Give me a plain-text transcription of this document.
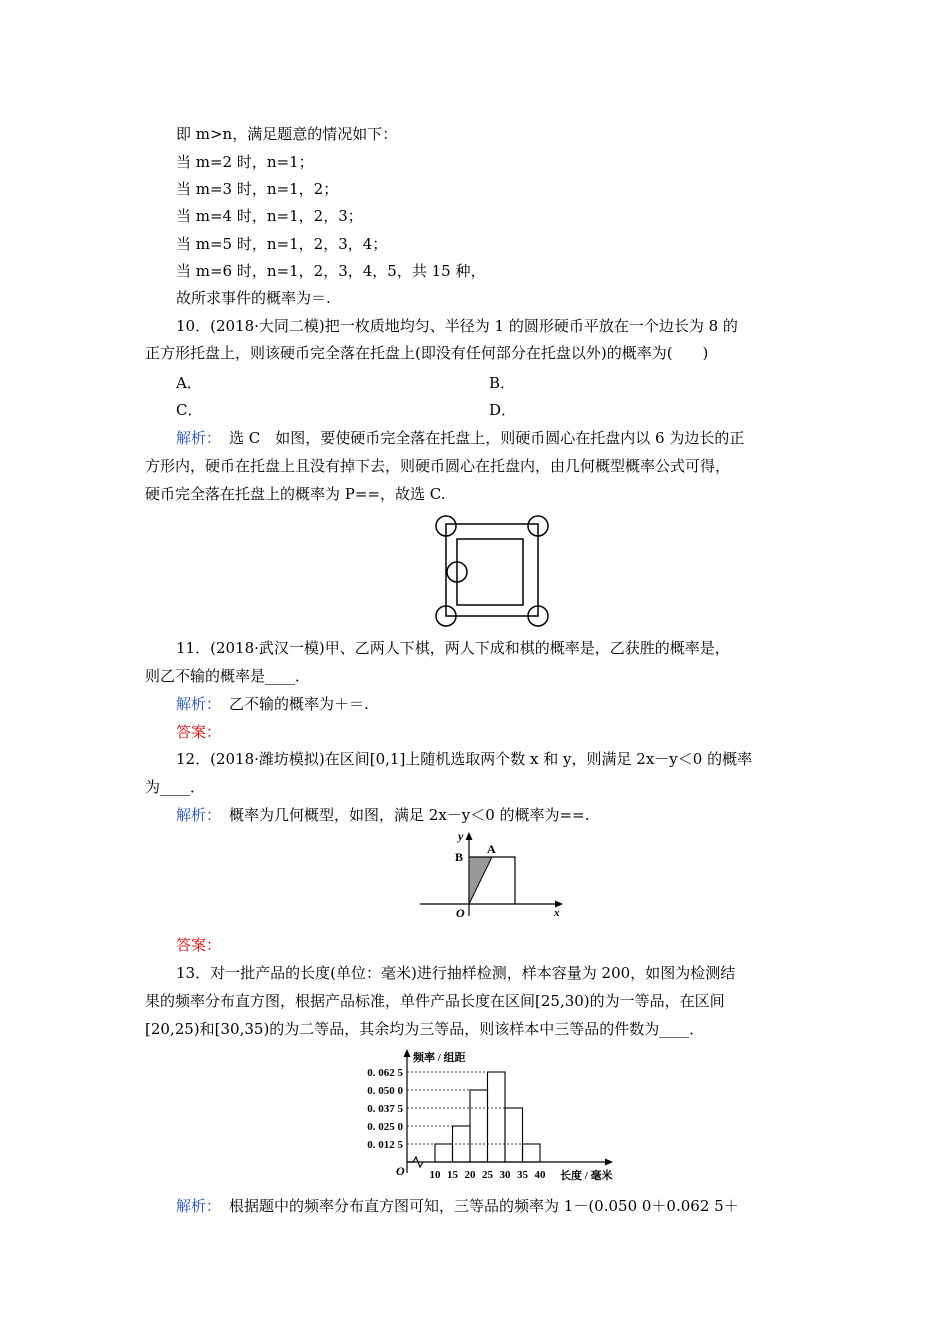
即 m>n，满足题意的情况如下：
当 m=2 时，n=1；
当 m=3 时，n=1，2；
当 m=4 时，n=1，2，3；
当 m=5 时，n=1，2，3，4；
当 m=6 时，n=1，2，3，4，5，共 15 种，
故所求事件的概率为＝.
10．(2018·大同二模)把一枚质地均匀、半径为 1 的圆形硬币平放在一个边长为 8 的
正方形托盘上，则该硬币完全落在托盘上(即没有任何部分在托盘以外)的概率为(　　)
A．	B．
C．	D．
选 C　如图，要使硬币完全落在托盘上，则硬币圆心在托盘内以 6 为边长的正
方形内，硬币在托盘上且没有掉下去，则硬币圆心在托盘内，由几何概型概率公式可得，
硬币完全落在托盘上的概率为 P==，故选 C.
11．(2018·武汉一模)甲、乙两人下棋，两人下成和棋的概率是，乙获胜的概率是，
则乙不输的概率是____．
乙不输的概率为＋＝.
12．(2018·潍坊模拟)在区间[0,1]上随机选取两个数 x 和 y，则满足 2x－y＜0 的概率
为____．
概率为几何概型，如图，满足 2x－y＜0 的概率为==.
13．对一批产品的长度(单位：毫米)进行抽样检测，样本容量为 200，如图为检测结
果的频率分布直方图，根据产品标准，单件产品长度在区间[25,30)的为一等品，在区间
[20,25)和[30,35)的为二等品，其余均为三等品，则该样本中三等品的件数为____．
根据题中的频率分布直方图可知，三等品的频率为 1－(0.050 0＋0.062 5＋
解析：
解析：
答案：
解析：
答案：
解析：
y
B
A
O	x
0. 062 5
0. 050 0
0. 037 5
0. 025 0
0. 012 5
10 15 20 25 30 35 40
频率 / 组距
长度 / 毫米
O
